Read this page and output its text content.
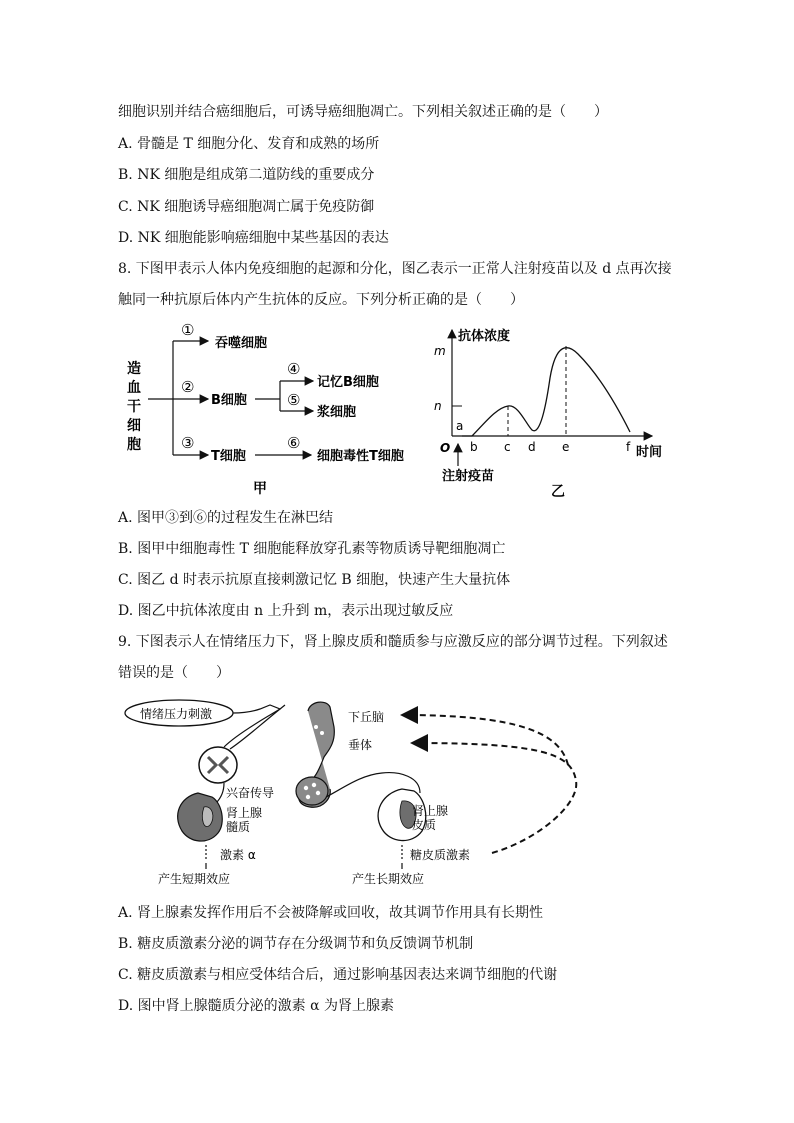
细胞识别并结合癌细胞后，可诱导癌细胞凋亡。下列相关叙述正确的是（　　）
A. 骨髓是 T 细胞分化、发育和成熟的场所
B. NK 细胞是组成第二道防线的重要成分
C. NK 细胞诱导癌细胞凋亡属于免疫防御
D. NK 细胞能影响癌细胞中某些基因的表达
8. 下图甲表示人体内免疫细胞的起源和分化，图乙表示一正常人注射疫苗以及 d 点再次接
触同一种抗原后体内产生抗体的反应。下列分析正确的是（　　）
造
血
干
细
胞
①
②
③
吞噬细胞
B细胞
T细胞
④
⑤
记忆B细胞
浆细胞
⑥
细胞毒性T细胞
甲
抗体浓度
时间
O
m
n
a
b c d e	f
注射疫苗
乙
A. 图甲③到⑥的过程发生在淋巴结
B. 图甲中细胞毒性 T 细胞能释放穿孔素等物质诱导靶细胞凋亡
C. 图乙 d 时表示抗原直接刺激记忆 B 细胞，快速产生大量抗体
D. 图乙中抗体浓度由 n 上升到 m，表示出现过敏反应
9. 下图表示人在情绪压力下，肾上腺皮质和髓质参与应激反应的部分调节过程。下列叙述
错误的是（　　）
情绪压力刺激	下丘脑
垂体
兴奋传导
肾上腺
髓质
激素 α
产生短期效应
肾上腺
皮质
糖皮质激素
产生长期效应
A. 肾上腺素发挥作用后不会被降解或回收，故其调节作用具有长期性
B. 糖皮质激素分泌的调节存在分级调节和负反馈调节机制
C. 糖皮质激素与相应受体结合后，通过影响基因表达来调节细胞的代谢
D. 图中肾上腺髓质分泌的激素 α 为肾上腺素
